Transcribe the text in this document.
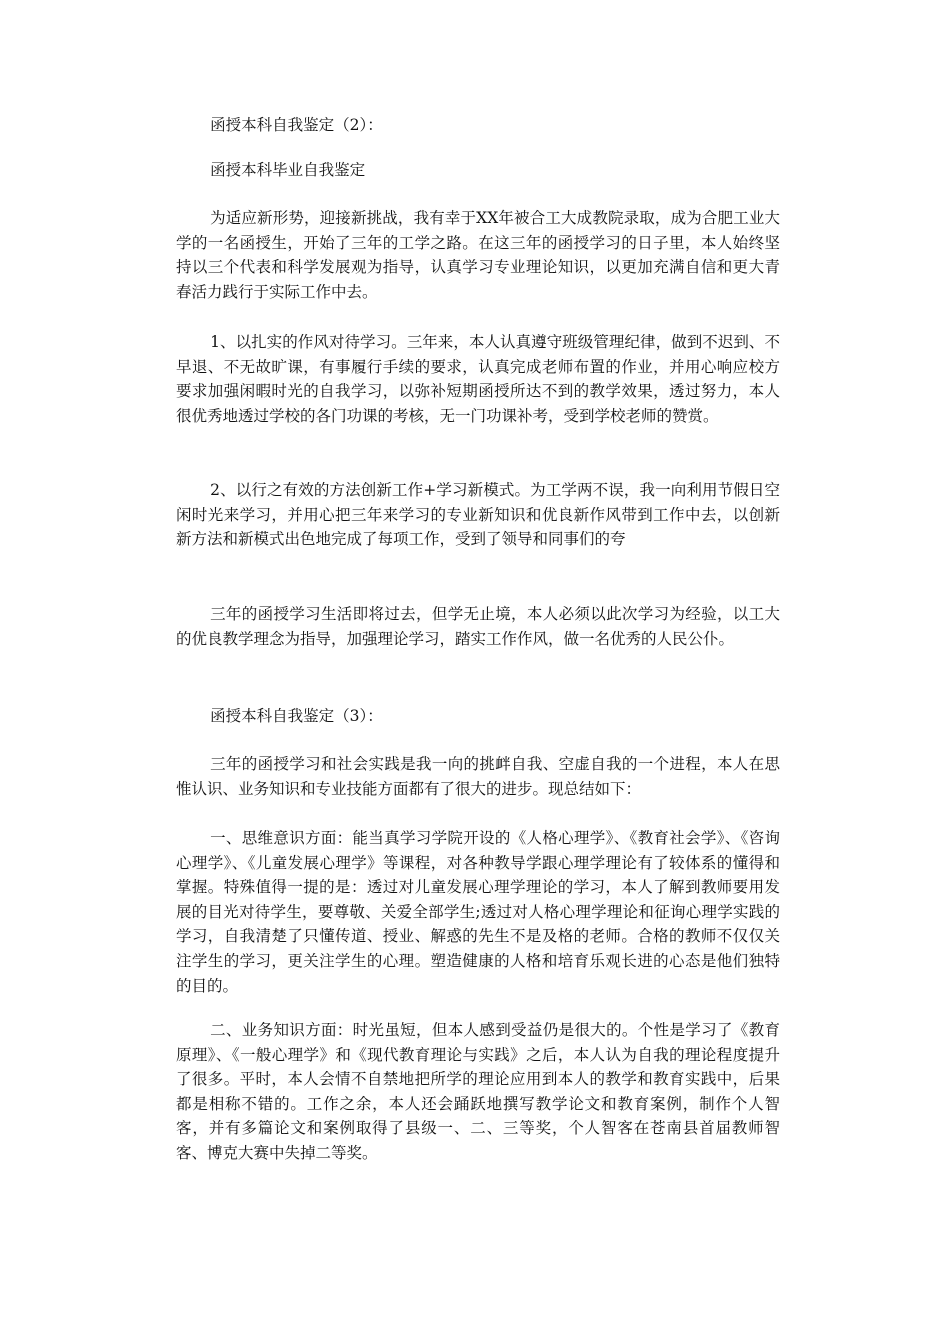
函授本科自我鉴定（2）：

函授本科毕业自我鉴定

为适应新形势，迎接新挑战，我有幸于XX年被合工大成教院录取，成为合肥工业大学的一名函授生，开始了三年的工学之路。在这三年的函授学习的日子里，本人始终坚持以三个代表和科学发展观为指导，认真学习专业理论知识，以更加充满自信和更大青春活力践行于实际工作中去。

1、以扎实的作风对待学习。三年来，本人认真遵守班级管理纪律，做到不迟到、不早退、不无故旷课，有事履行手续的要求，认真完成老师布置的作业，并用心响应校方要求加强闲暇时光的自我学习，以弥补短期函授所达不到的教学效果，透过努力，本人很优秀地透过学校的各门功课的考核，无一门功课补考，受到学校老师的赞赏。

2、以行之有效的方法创新工作+学习新模式。为工学两不误，我一向利用节假日空闲时光来学习，并用心把三年来学习的专业新知识和优良新作风带到工作中去，以创新新方法和新模式出色地完成了每项工作，受到了领导和同事们的夸

三年的函授学习生活即将过去，但学无止境，本人必须以此次学习为经验，以工大的优良教学理念为指导，加强理论学习，踏实工作作风，做一名优秀的人民公仆。

函授本科自我鉴定（3）：

三年的函授学习和社会实践是我一向的挑衅自我、空虚自我的一个进程，本人在思惟认识、业务知识和专业技能方面都有了很大的进步。现总结如下：

一、思维意识方面：能当真学习学院开设的《人格心理学》、《教育社会学》、《咨询心理学》、《儿童发展心理学》等课程，对各种教导学跟心理学理论有了较体系的懂得和掌握。特殊值得一提的是：透过对儿童发展心理学理论的学习，本人了解到教师要用发展的目光对待学生，要尊敬、关爱全部学生;透过对人格心理学理论和征询心理学实践的学习，自我清楚了只懂传道、授业、解惑的先生不是及格的老师。合格的教师不仅仅关注学生的学习，更关注学生的心理。塑造健康的人格和培育乐观长进的心态是他们独特的目的。

二、业务知识方面：时光虽短，但本人感到受益仍是很大的。个性是学习了《教育原理》、《一般心理学》和《现代教育理论与实践》之后，本人认为自我的理论程度提升了很多。平时，本人会情不自禁地把所学的理论应用到本人的教学和教育实践中，后果都是相称不错的。工作之余，本人还会踊跃地撰写教学论文和教育案例，制作个人智客，并有多篇论文和案例取得了县级一、二、三等奖，个人智客在苍南县首届教师智客、博克大赛中失掉二等奖。
